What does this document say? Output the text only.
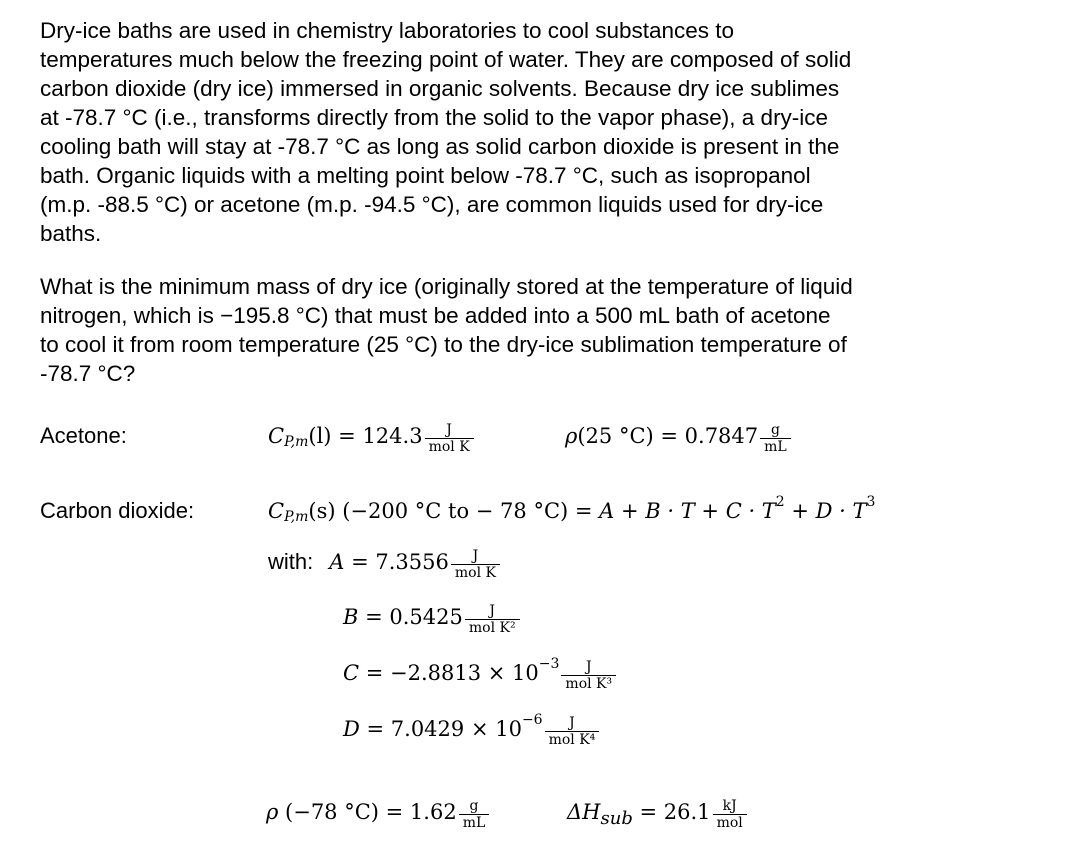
Dry-ice baths are used in chemistry laboratories to cool substances to
temperatures much below the freezing point of water. They are composed of solid
carbon dioxide (dry ice) immersed in organic solvents. Because dry ice sublimes
at -78.7 °C (i.e., transforms directly from the solid to the vapor phase), a dry-ice
cooling bath will stay at -78.7 °C as long as solid carbon dioxide is present in the
bath. Organic liquids with a melting point below -78.7 °C, such as isopropanol
(m.p. -88.5 °C) or acetone (m.p. -94.5 °C), are common liquids used for dry-ice
baths.
What is the minimum mass of dry ice (originally stored at the temperature of liquid
nitrogen, which is −195.8 °C) that must be added into a 500 mL bath of acetone
to cool it from room temperature (25 °C) to the dry-ice sublimation temperature of
-78.7 °C?
Acetone:	C P,m $(l) = 124.3 \frac{J}{\text{mol K}}$	ρ (25 $^\circ C) = 0.7847 \frac{g}{mL}$
Carbon dioxide:	C P,m (s) (−200 °C to − 78 °C) =
A + B · T + C · T 2 + D · T 3
with: $A = 7.3556 \frac{J}{\text{mol K}}$
$B = 0.5425 \frac{J}{\text{mol K²}}$
$C = -2.8813 \times 10 -3 \frac{J}{\text{mol K³}}$
$D = 7.0429 \times 10 -6 \frac{J}{\text{mol K⁴}}$
ρ (−78 $^\circ C) = 1.62 \frac{g}{mL}$	ΔH sub = $26.1 \frac{kJ}{\text{mol}}$
